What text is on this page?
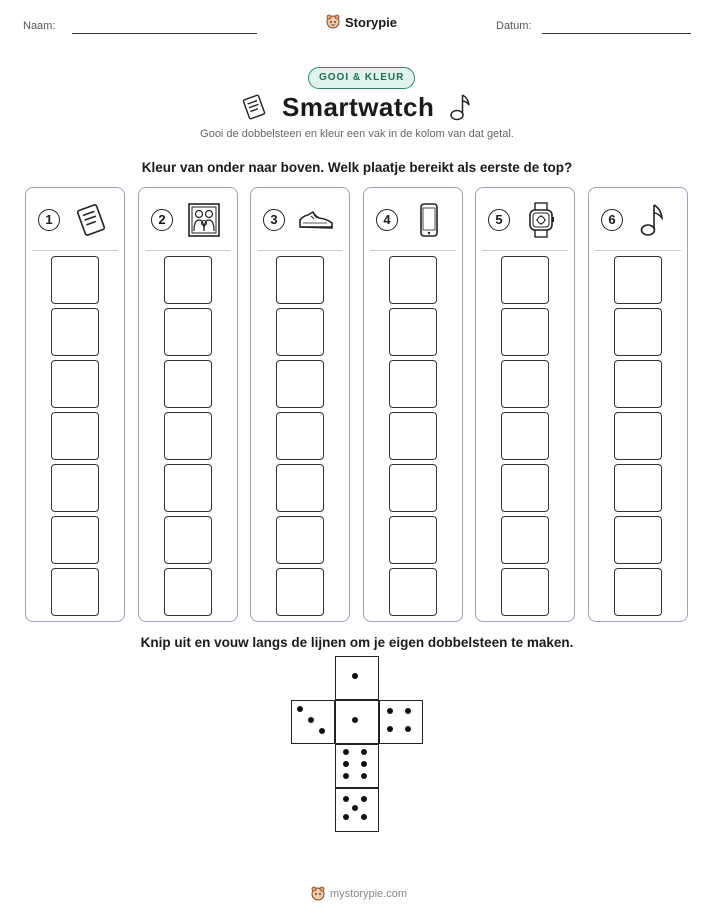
Naam:	Storypie	Datum:
GOOI & KLEUR
Smartwatch
Gooi de dobbelsteen en kleur een vak in de kolom van dat getal.
Kleur van onder naar boven. Welk plaatje bereikt als eerste de top?
1	2	3	4	5	6
Knip uit en vouw langs de lijnen om je eigen dobbelsteen te maken.
mystorypie.com
